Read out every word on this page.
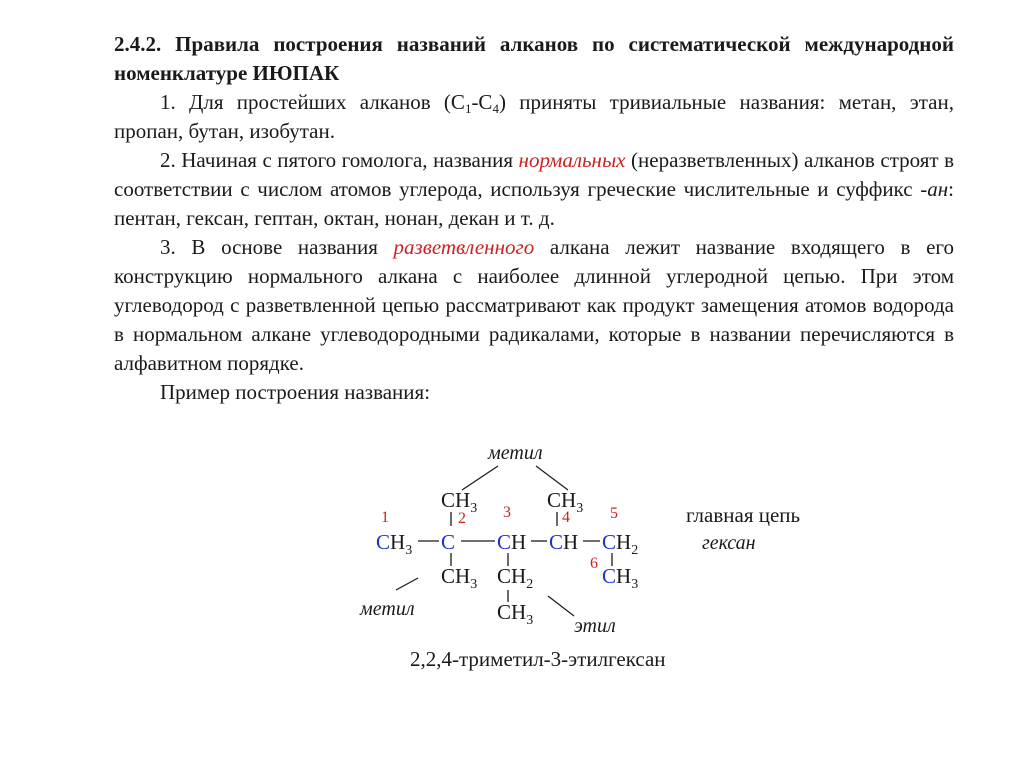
2.4.2. Правила построения названий алканов по систематической международной номенклатуре ИЮПАК
1. Для простейших алканов $(С_1-С_4)$ приняты тривиальные названия: метан, этан, пропан, бутан, изобутан.
2. Начиная с пятого гомолога, названия нормальных (неразветвленных) алканов строят в соответствии с числом атомов углерода, используя греческие числительные и суффикс -ан: пентан, гексан, гептан, октан, нонан, декан и т. д.
3. В основе названия разветвленного алкана лежит название входящего в его конструкцию нормального алкана с наиболее длинной углеродной цепью. При этом углеводород с разветвленной цепью рассматривают как продукт замещения атомов водорода в нормальном алкане углеводородными радикалами, которые в названии перечисляются в алфавитном порядке.
Пример построения названия:
метил
$CH_3$	$CH_3$
1	2 3	4	5
6
$CH_3$ C CH CH $CH_2$
$CH_3$ $CH_2$	$CH_3$
$CH_3$
метил
этил
главная цепь
гексан
2,2,4-триметил-3-этилгексан
